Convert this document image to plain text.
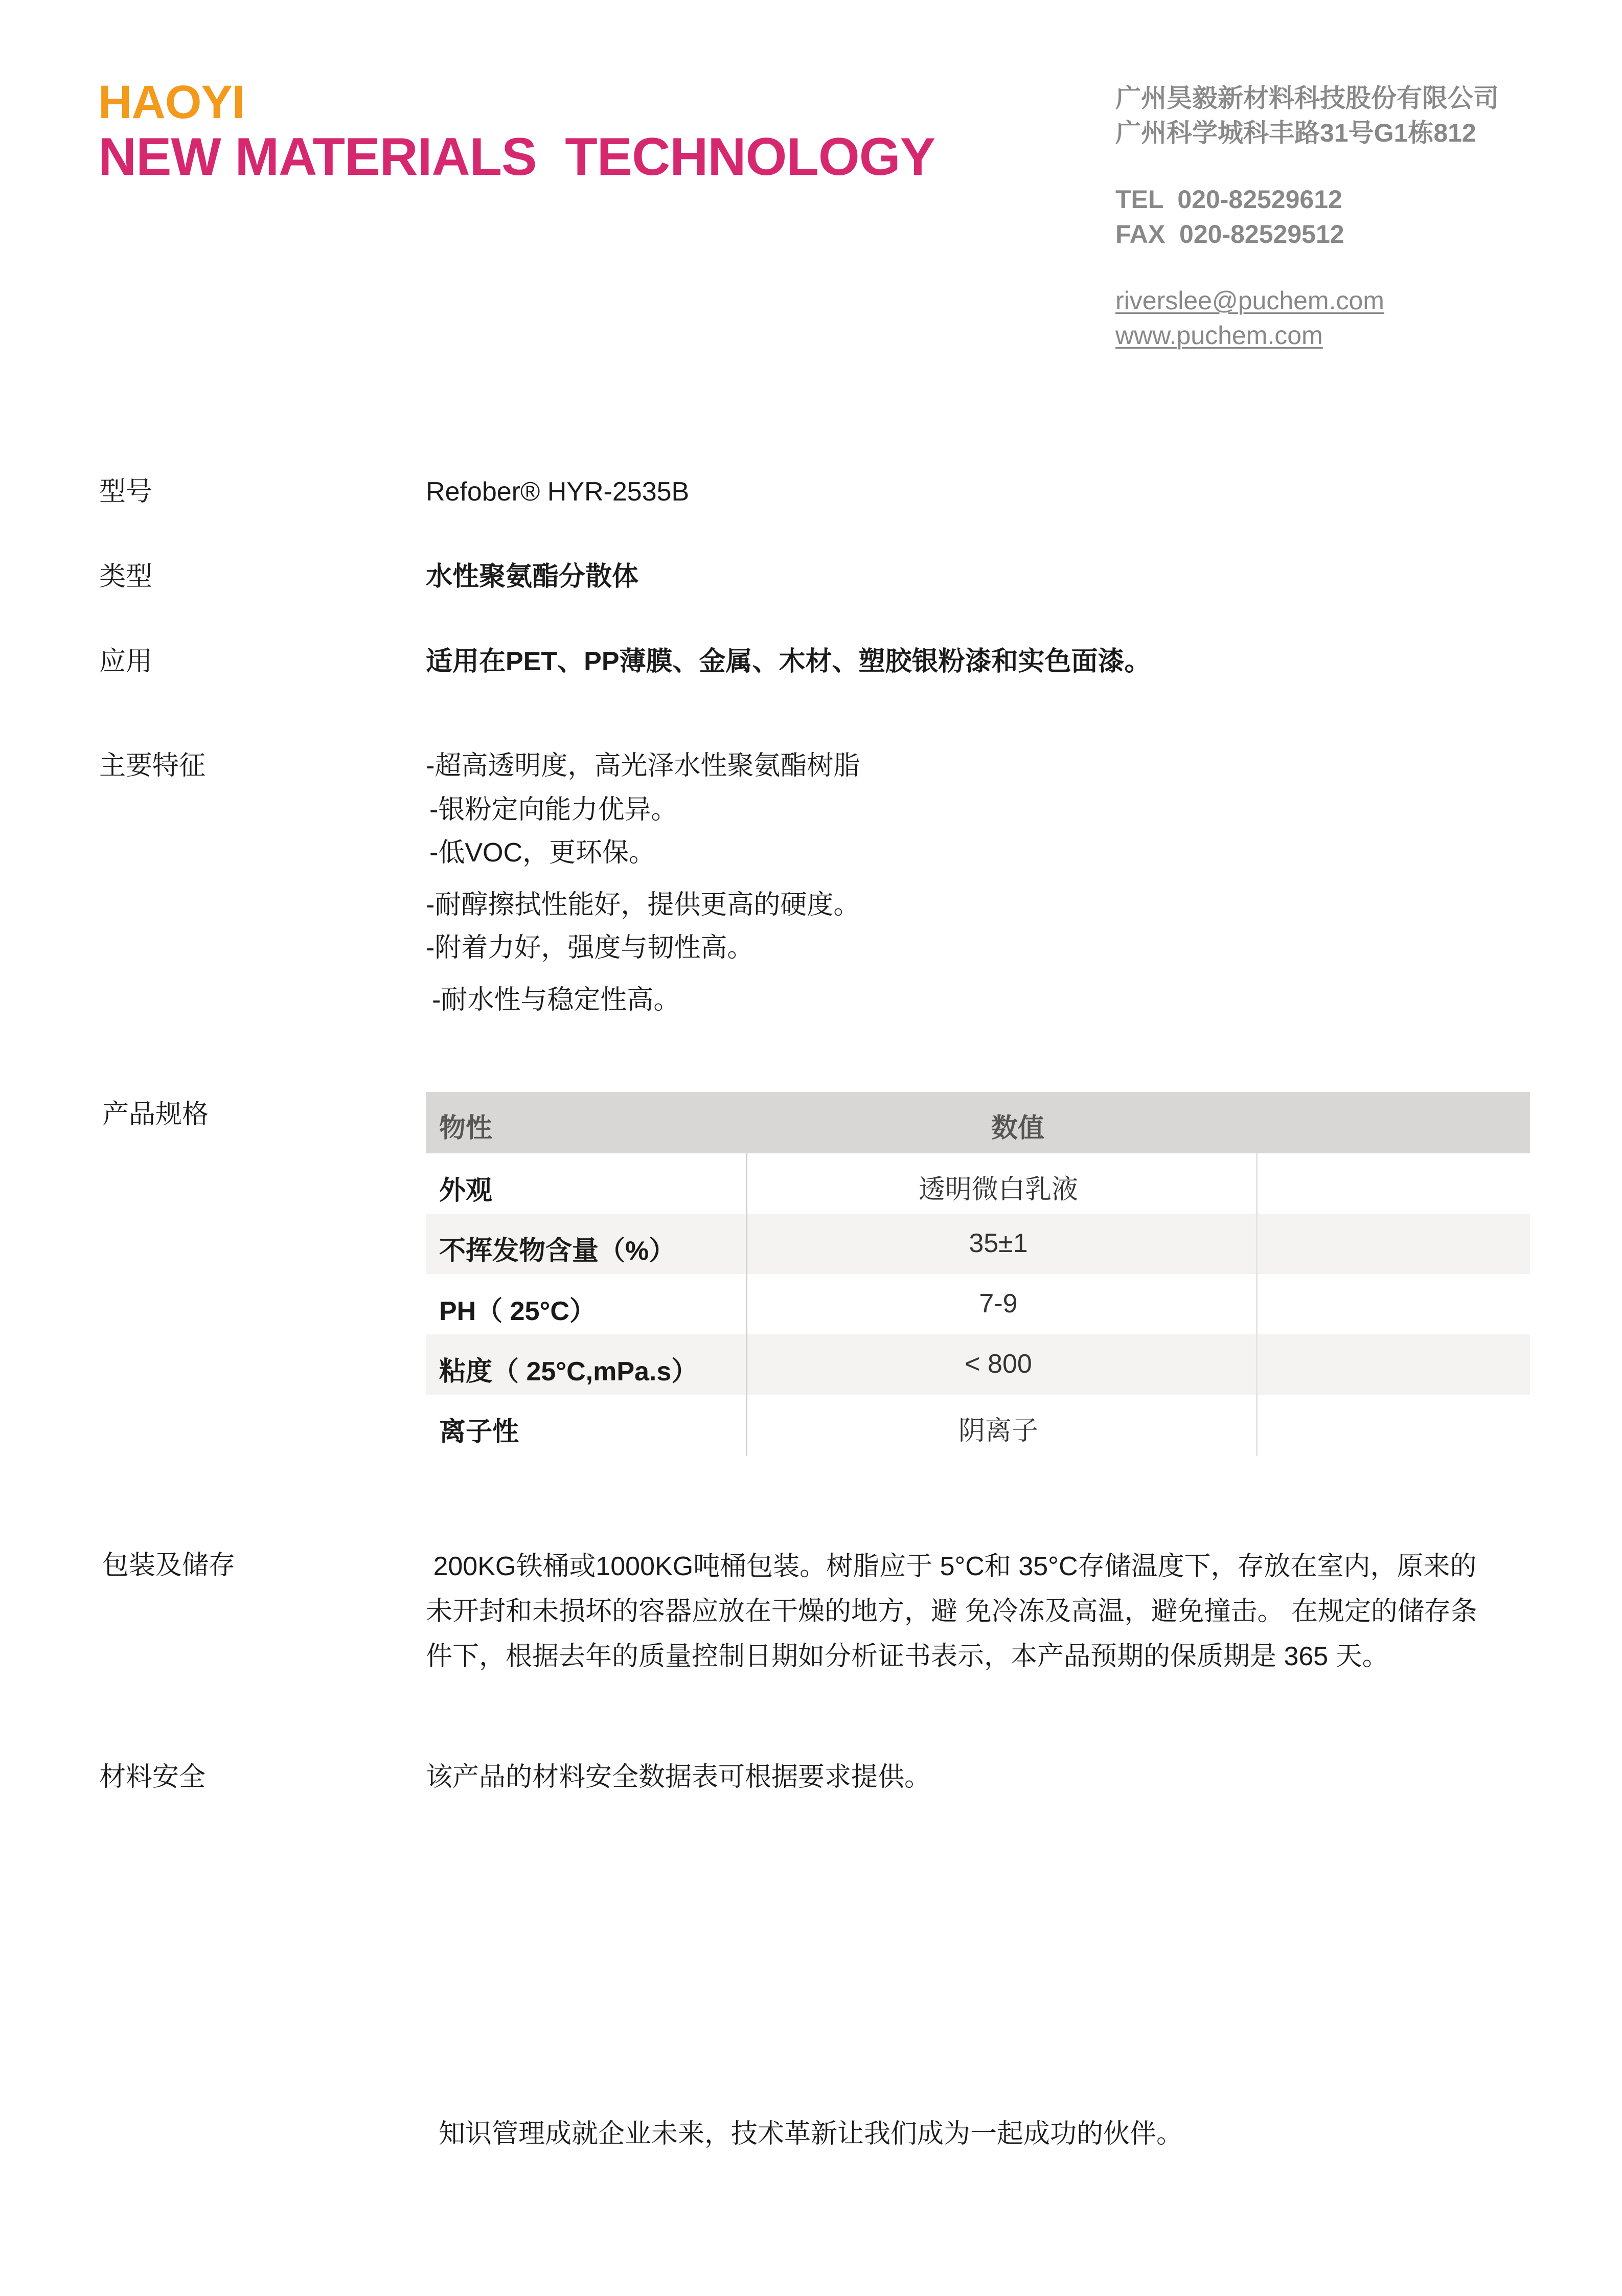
HAOYI
NEW MATERIALS  TECHNOLOGY
广州昊毅新材料科技股份有限公司
广州科学城科丰路31号G1栋812
TEL  020-82529612
FAX  020-82529512
riverslee@puchem.com
www.puchem.com
型号	Refober® HYR-2535B
类型	水性聚氨酯分散体
应用	适用在PET、PP薄膜、金属、木材、塑胶银粉漆和实色面漆。
主要特征	-超高透明度，高光泽水性聚氨酯树脂
-银粉定向能力优异。
-低VOC，更环保。
-耐醇擦拭性能好，提供更高的硬度。
-附着力好，强度与韧性高。
-耐水性与稳定性高。
产品规格	物性	数值
外观	透明微白乳液
不挥发物含量（%）	35±1
PH（ 25°C）	7-9
粘度（ 25°C,mPa.s）	< 800
离子性	阴离子
包装及储存	200KG铁桶或1000KG吨桶包装。树脂应于 5°C和 35°C存储温度下，存放在室内，原来的
未开封和未损坏的容器应放在干燥的地方，避 免冷冻及高温，避免撞击。 在规定的储存条
件下，根据去年的质量控制日期如分析证书表示，本产品预期的保质期是 365 天。
材料安全	该产品的材料安全数据表可根据要求提供。
知识管理成就企业未来，技术革新让我们成为一起成功的伙伴。
